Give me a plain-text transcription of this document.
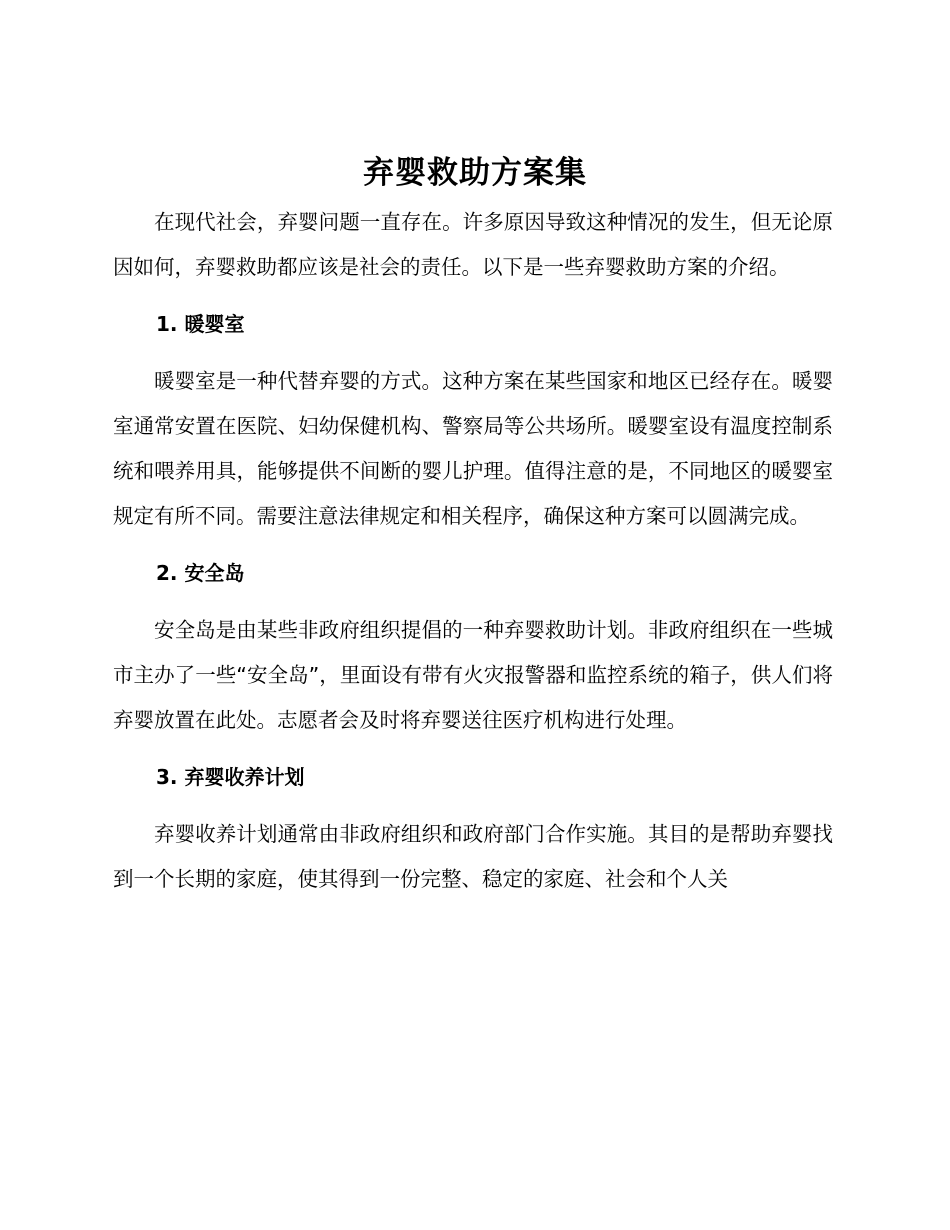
弃婴救助方案集

在现代社会，弃婴问题一直存在。许多原因导致这种情况的发生，但无论原因如何，弃婴救助都应该是社会的责任。以下是一些弃婴救助方案的介绍。

1. 暖婴室

暖婴室是一种代替弃婴的方式。这种方案在某些国家和地区已经存在。暖婴室通常安置在医院、妇幼保健机构、警察局等公共场所。暖婴室设有温度控制系统和喂养用具，能够提供不间断的婴儿护理。值得注意的是，不同地区的暖婴室规定有所不同。需要注意法律规定和相关程序，确保这种方案可以圆满完成。

2. 安全岛

安全岛是由某些非政府组织提倡的一种弃婴救助计划。非政府组织在一些城市主办了一些“安全岛”，里面设有带有火灾报警器和监控系统的箱子，供人们将弃婴放置在此处。志愿者会及时将弃婴送往医疗机构进行处理。

3. 弃婴收养计划

弃婴收养计划通常由非政府组织和政府部门合作实施。其目的是帮助弃婴找到一个长期的家庭，使其得到一份完整、稳定的家庭、社会和个人关
